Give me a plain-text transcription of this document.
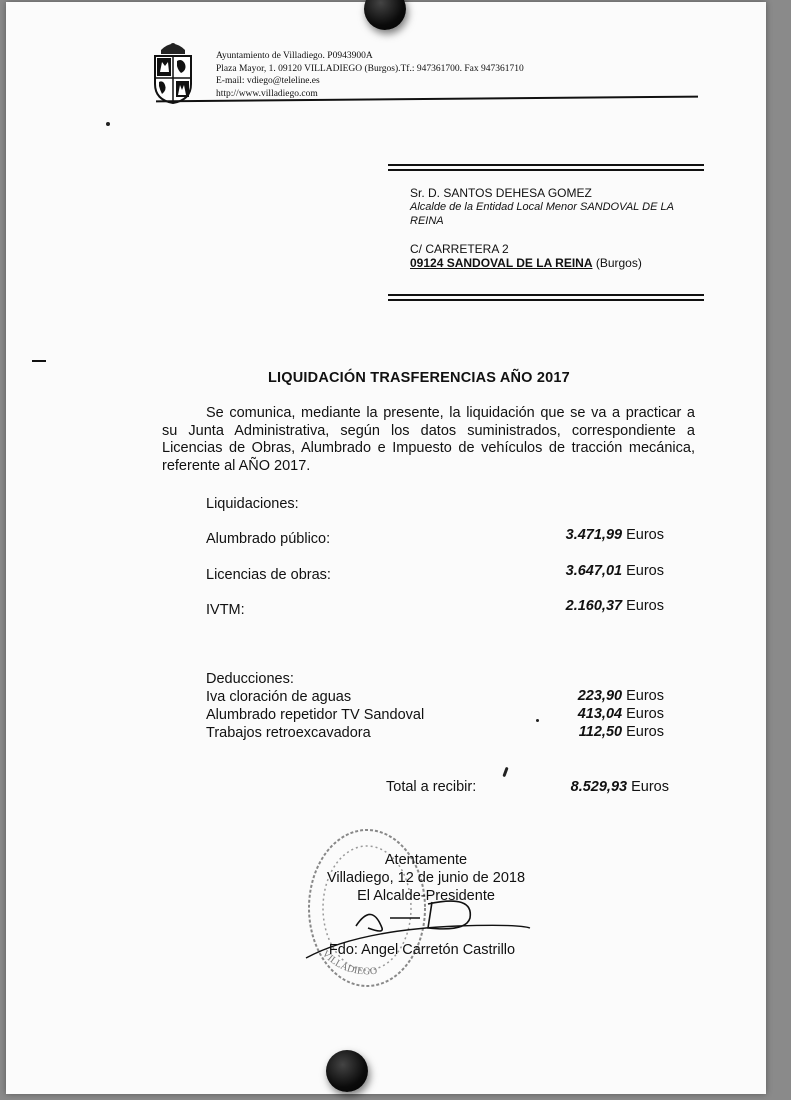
Ayuntamiento de Villadiego. P0943900A
Plaza Mayor, 1. 09120 VILLADIEGO (Burgos).Tf.: 947361700. Fax 947361710
E-mail: vdiego@teleline.es
http://www.villadiego.com
Sr. D. SANTOS DEHESA GOMEZ
Alcalde de la Entidad Local Menor SANDOVAL DE LA REINA
C/ CARRETERA 2
09124 SANDOVAL DE LA REINA (Burgos)
LIQUIDACIÓN TRASFERENCIAS AÑO 2017
Se comunica, mediante la presente, la liquidación que se va a practicar a su Junta Administrativa, según los datos suministrados, correspondiente a Licencias de Obras, Alumbrado e Impuesto de vehículos de tracción mecánica, referente al AÑO 2017.
Liquidaciones:
Alumbrado público:	3.471,99 Euros
Licencias de obras:	3.647,01 Euros
IVTM:	2.160,37 Euros
Deducciones:
Iva cloración de aguas	223,90 Euros
Alumbrado repetidor TV Sandoval	413,04 Euros
Trabajos retroexcavadora	112,50 Euros
Total a recibir:	8.529,93 Euros
VILLADIEGO
Atentamente
Villadiego, 12 de junio de 2018
El Alcalde-Presidente
Fdo: Angel Carretón Castrillo
